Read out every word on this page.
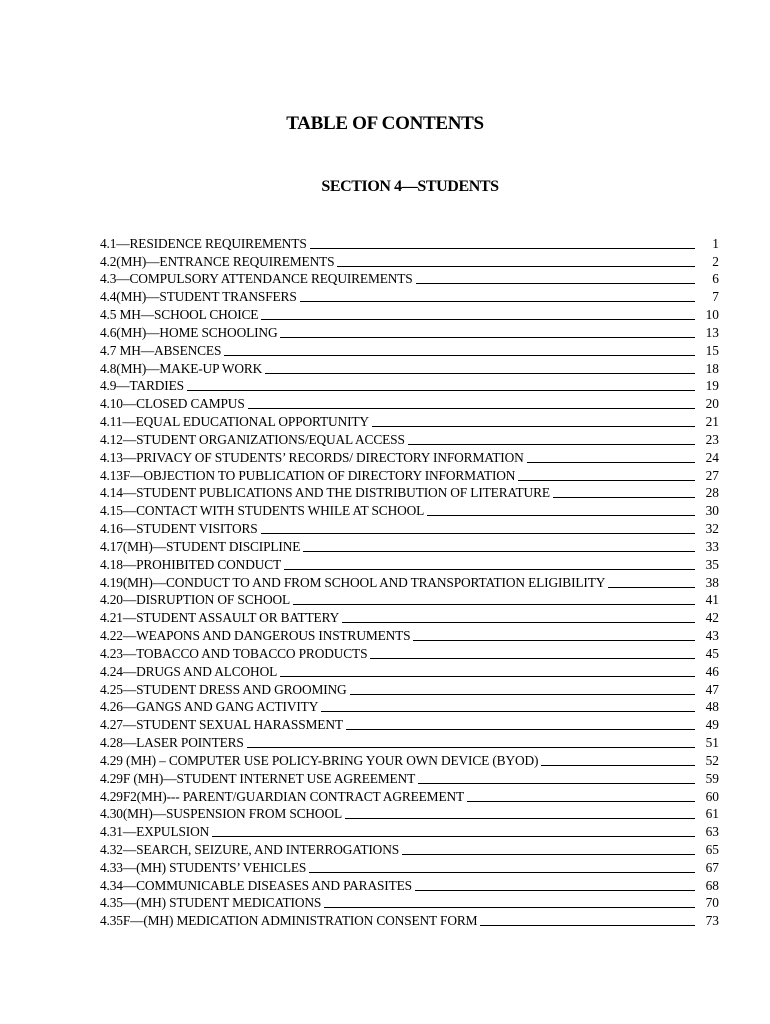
TABLE OF CONTENTS
SECTION 4—STUDENTS
4.1—RESIDENCE REQUIREMENTS	1
4.2(MH)—ENTRANCE REQUIREMENTS	2
4.3—COMPULSORY ATTENDANCE REQUIREMENTS	6
4.4(MH)—STUDENT TRANSFERS	7
4.5 MH—SCHOOL CHOICE	10
4.6(MH)—HOME SCHOOLING	13
4.7 MH—ABSENCES	15
4.8(MH)—MAKE-UP WORK	18
4.9—TARDIES	19
4.10—CLOSED CAMPUS	20
4.11—EQUAL EDUCATIONAL OPPORTUNITY	21
4.12—STUDENT ORGANIZATIONS/EQUAL ACCESS	23
4.13—PRIVACY OF STUDENTS’ RECORDS/ DIRECTORY INFORMATION	24
4.13F—OBJECTION TO PUBLICATION OF DIRECTORY INFORMATION	27
4.14—STUDENT PUBLICATIONS AND THE DISTRIBUTION OF LITERATURE	28
4.15—CONTACT WITH STUDENTS WHILE AT SCHOOL	30
4.16—STUDENT VISITORS	32
4.17(MH)—STUDENT DISCIPLINE	33
4.18—PROHIBITED CONDUCT	35
4.19(MH)—CONDUCT TO AND FROM SCHOOL AND TRANSPORTATION ELIGIBILITY	38
4.20—DISRUPTION OF SCHOOL	41
4.21—STUDENT ASSAULT OR BATTERY	42
4.22—WEAPONS AND DANGEROUS INSTRUMENTS	43
4.23—TOBACCO AND TOBACCO PRODUCTS	45
4.24—DRUGS AND ALCOHOL	46
4.25—STUDENT DRESS AND GROOMING	47
4.26—GANGS AND GANG ACTIVITY	48
4.27—STUDENT SEXUAL HARASSMENT	49
4.28—LASER POINTERS	51
4.29 (MH) – COMPUTER USE POLICY-BRING YOUR OWN DEVICE (BYOD)	52
4.29F (MH)—STUDENT INTERNET USE AGREEMENT	59
4.29F2(MH)--- PARENT/GUARDIAN CONTRACT AGREEMENT	60
4.30(MH)—SUSPENSION FROM SCHOOL	61
4.31—EXPULSION	63
4.32—SEARCH, SEIZURE, AND INTERROGATIONS	65
4.33—(MH) STUDENTS’ VEHICLES	67
4.34—COMMUNICABLE DISEASES AND PARASITES	68
4.35—(MH) STUDENT MEDICATIONS	70
4.35F—(MH) MEDICATION ADMINISTRATION CONSENT FORM	73
